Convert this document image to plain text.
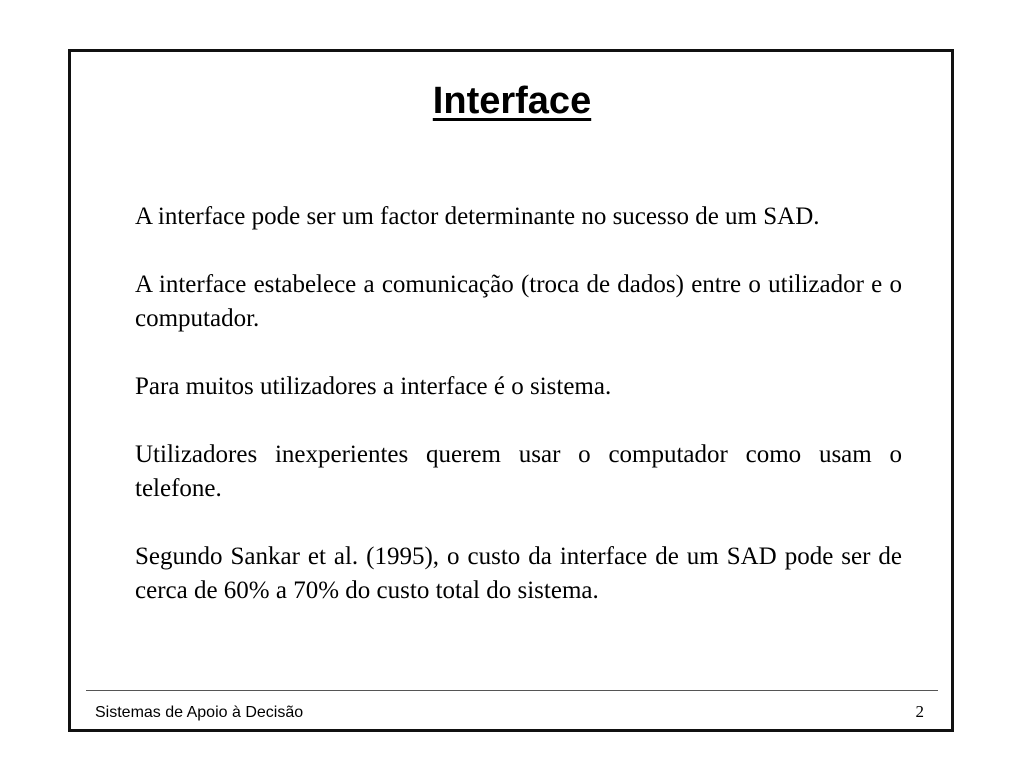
Interface

A interface pode ser um factor determinante no sucesso de um SAD.

A interface estabelece a comunicação (troca de dados) entre o utilizador e o computador.

Para muitos utilizadores a interface é o sistema.

Utilizadores inexperientes querem usar o computador como usam o telefone.

Segundo Sankar et al. (1995), o custo da interface de um SAD pode ser de cerca de 60% a 70% do custo total do sistema.

Sistemas de Apoio à Decisão	2
